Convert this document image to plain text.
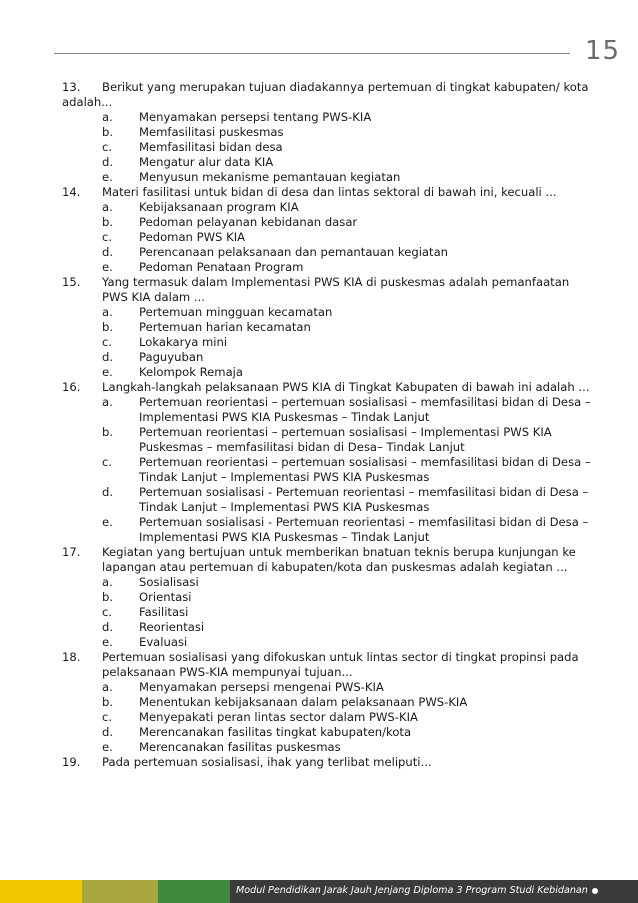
15
13. Berikut yang merupakan tujuan diadakannya pertemuan di tingkat kabupaten/ kota adalah...
a. Menyamakan persepsi tentang PWS-KIA
b. Memfasilitasi puskesmas
c. Memfasilitasi bidan desa
d. Mengatur alur data KIA
e. Menyusun mekanisme pemantauan kegiatan
14. Materi fasilitasi untuk bidan di desa dan lintas sektoral di bawah ini, kecuali ...
a. Kebijaksanaan program KIA
b. Pedoman pelayanan kebidanan dasar
c. Pedoman PWS KIA
d. Perencanaan pelaksanaan dan pemantauan kegiatan
e. Pedoman Penataan Program
15. Yang termasuk dalam Implementasi PWS KIA di puskesmas adalah pemanfaatan PWS KIA dalam ...
a. Pertemuan mingguan kecamatan
b. Pertemuan harian kecamatan
c. Lokakarya mini
d. Paguyuban
e. Kelompok Remaja
16. Langkah-langkah pelaksanaan PWS KIA di Tingkat Kabupaten di bawah ini adalah ...
a. Pertemuan reorientasi – pertemuan sosialisasi – memfasilitasi bidan di Desa – Implementasi PWS KIA Puskesmas – Tindak Lanjut
b. Pertemuan reorientasi – pertemuan sosialisasi – Implementasi PWS KIA Puskesmas – memfasilitasi bidan di Desa– Tindak Lanjut
c. Pertemuan reorientasi – pertemuan sosialisasi – memfasilitasi bidan di Desa – Tindak Lanjut – Implementasi PWS KIA Puskesmas
d. Pertemuan sosialisasi - Pertemuan reorientasi – memfasilitasi bidan di Desa – Tindak Lanjut – Implementasi PWS KIA Puskesmas
e. Pertemuan sosialisasi - Pertemuan reorientasi – memfasilitasi bidan di Desa – Implementasi PWS KIA Puskesmas – Tindak Lanjut
17. Kegiatan yang bertujuan untuk memberikan bnatuan teknis berupa kunjungan ke lapangan atau pertemuan di kabupaten/kota dan puskesmas adalah kegiatan ...
a. Sosialisasi
b. Orientasi
c. Fasilitasi
d. Reorientasi
e. Evaluasi
18. Pertemuan sosialisasi yang difokuskan untuk lintas sector di tingkat propinsi pada pelaksanaan PWS-KIA mempunyai tujuan...
a. Menyamakan persepsi mengenai PWS-KIA
b. Menentukan kebijaksanaan dalam pelaksanaan PWS-KIA
c. Menyepakati peran lintas sector dalam PWS-KIA
d. Merencanakan fasilitas tingkat kabupaten/kota
e. Merencanakan fasilitas puskesmas
19. Pada pertemuan sosialisasi, ihak yang terlibat meliputi...
Modul Pendidikan Jarak Jauh Jenjang Diploma 3 Program Studi Kebidanan
